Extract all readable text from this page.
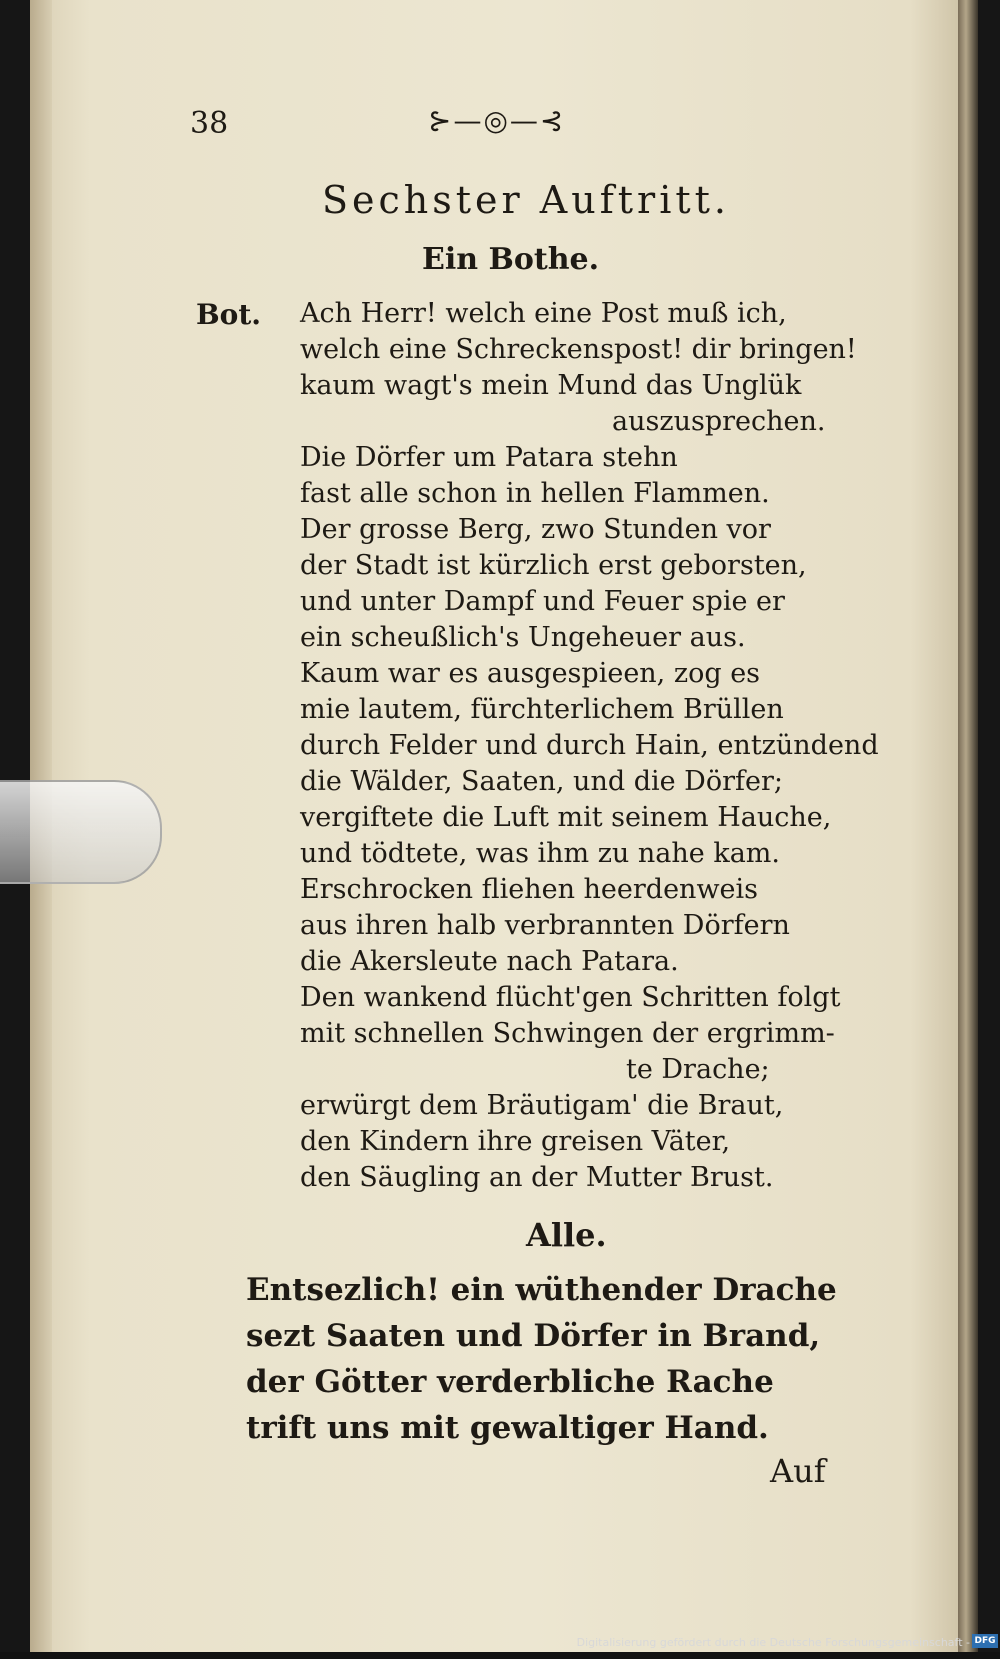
38	⊱—◎—⊰
Sechster Auftritt.
Ein Bothe.
Bot. Ach Herr! welch eine Post muß ich,
welch eine Schreckenspost! dir bringen!
kaum wagt's mein Mund das Unglük
auszusprechen.
Die Dörfer um Patara stehn
fast alle schon in hellen Flammen.
Der grosse Berg, zwo Stunden vor
der Stadt ist kürzlich erst geborsten,
und unter Dampf und Feuer spie er
ein scheußlich's Ungeheuer aus.
Kaum war es ausgespieen, zog es
mie lautem, fürchterlichem Brüllen
durch Felder und durch Hain, entzündend
die Wälder, Saaten, und die Dörfer;
vergiftete die Luft mit seinem Hauche,
und tödtete, was ihm zu nahe kam.
Erschrocken fliehen heerdenweis
aus ihren halb verbrannten Dörfern
die Akersleute nach Patara.
Den wankend flücht'gen Schritten folgt
mit schnellen Schwingen der ergrimm-
te Drache;
erwürgt dem Bräutigam' die Braut,
den Kindern ihre greisen Väter,
den Säugling an der Mutter Brust.
Alle.
Entsezlich! ein wüthender Drache
sezt Saaten und Dörfer in Brand,
der Götter verderbliche Rache
trift uns mit gewaltiger Hand.
Auf
Digitalisierung gefördert durch die Deutsche Forschungsgemeinschaft - DFG
